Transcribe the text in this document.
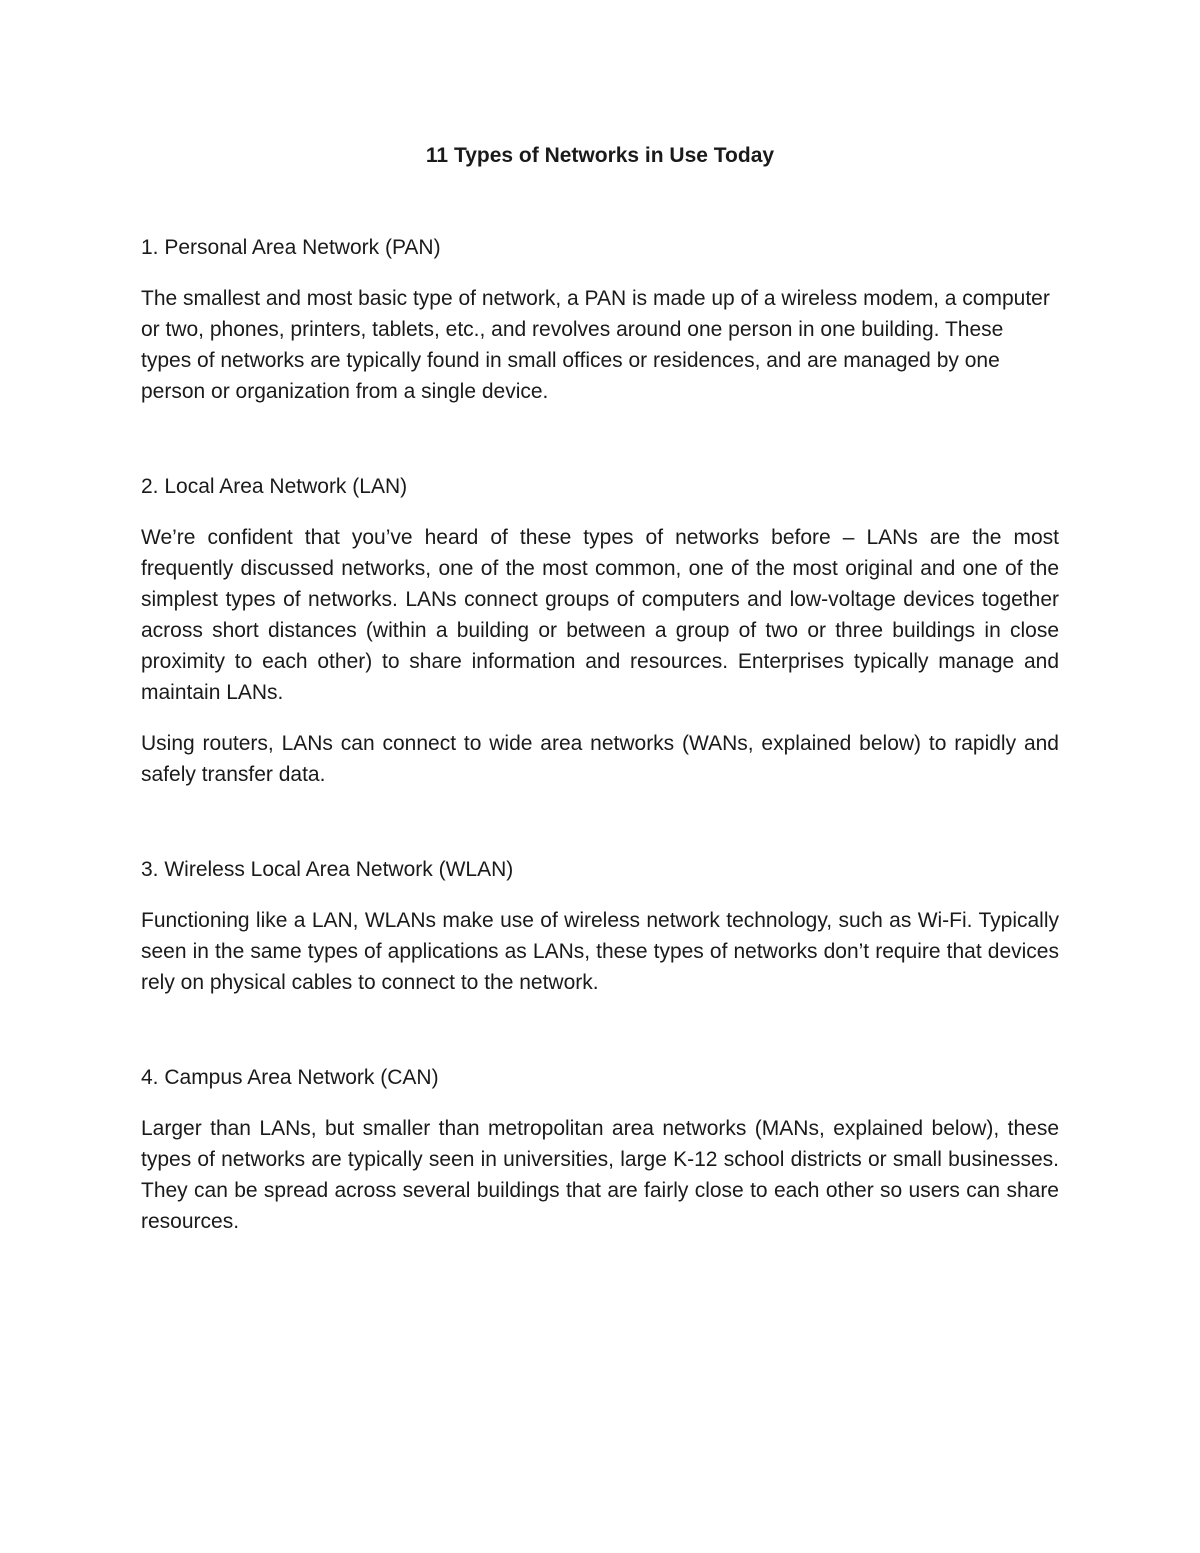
11 Types of Networks in Use Today
1. Personal Area Network (PAN)

The smallest and most basic type of network, a PAN is made up of a wireless modem, a computer or two, phones, printers, tablets, etc., and revolves around one person in one building. These types of networks are typically found in small offices or residences, and are managed by one person or organization from a single device.

2. Local Area Network (LAN)

We’re confident that you’ve heard of these types of networks before – LANs are the most frequently discussed networks, one of the most common, one of the most original and one of the simplest types of networks. LANs connect groups of computers and low-voltage devices together across short distances (within a building or between a group of two or three buildings in close proximity to each other) to share information and resources. Enterprises typically manage and maintain LANs.

Using routers, LANs can connect to wide area networks (WANs, explained below) to rapidly and safely transfer data.

3. Wireless Local Area Network (WLAN)

Functioning like a LAN, WLANs make use of wireless network technology, such as Wi-Fi. Typically seen in the same types of applications as LANs, these types of networks don’t require that devices rely on physical cables to connect to the network.

4. Campus Area Network (CAN)

Larger than LANs, but smaller than metropolitan area networks (MANs, explained below), these types of networks are typically seen in universities, large K-12 school districts or small businesses. They can be spread across several buildings that are fairly close to each other so users can share resources.
